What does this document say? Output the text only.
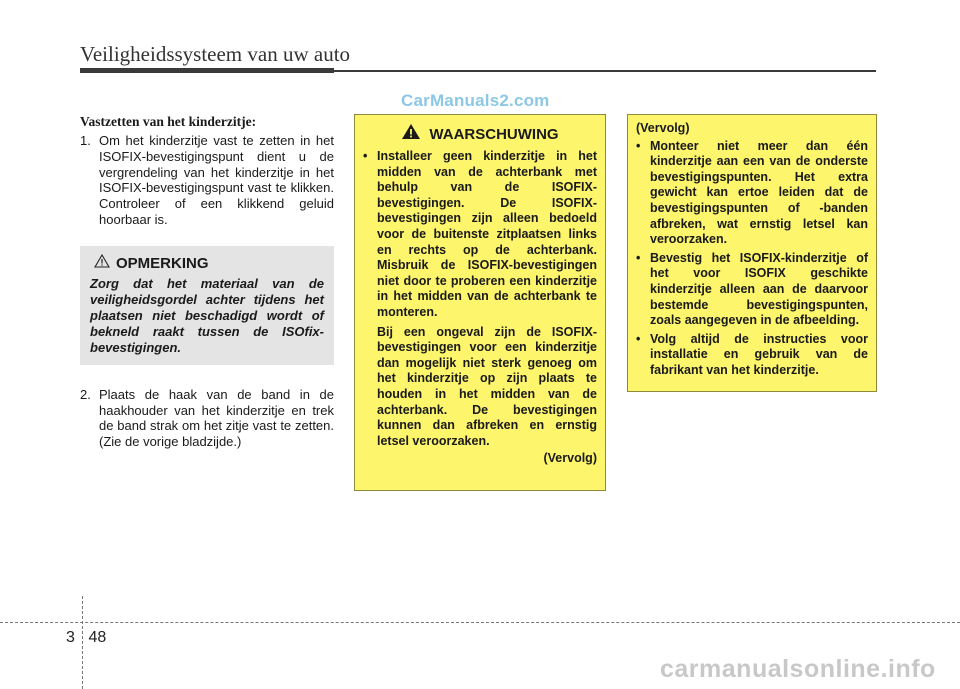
Veiligheidssysteem van uw auto
CarManuals2.com
Vastzetten van het kinderzitje:
1. Om het kinderzitje vast te zetten in het ISOFIX-bevestigingspunt dient u de vergrendeling van het kinderzitje in het ISOFIX-bevestigingspunt vast te klikken. Controleer of een klikkend geluid hoorbaar is.
OPMERKING
Zorg dat het materiaal van de veiligheidsgordel achter tijdens het plaatsen niet beschadigd wordt of bekneld raakt tussen de ISOfix-bevestigingen.
2. Plaats de haak van de band in de haakhouder van het kinderzitje en trek de band strak om het zitje vast te zetten. (Zie de vorige bladzijde.)
WAARSCHUWING
• Installeer geen kinderzitje in het midden van de achterbank met behulp van de ISOFIX-bevestigingen. De ISOFIX-bevestigingen zijn alleen bedoeld voor de buitenste zitplaatsen links en rechts op de achterbank. Misbruik de ISOFIX-bevestigingen niet door te proberen een kinderzitje in het midden van de achterbank te monteren.
Bij een ongeval zijn de ISOFIX-bevestigingen voor een kinderzitje dan mogelijk niet sterk genoeg om het kinderzitje op zijn plaats te houden in het midden van de achterbank. De bevestigingen kunnen dan afbreken en ernstig letsel veroorzaken.
(Vervolg)
(Vervolg)
• Monteer niet meer dan één kinderzitje aan een van de onderste bevestigingspunten. Het extra gewicht kan ertoe leiden dat de bevestigingspunten of -banden afbreken, wat ernstig letsel kan veroorzaken.
• Bevestig het ISOFIX-kinderzitje of het voor ISOFIX geschikte kinderzitje alleen aan de daarvoor bestemde bevestigingspunten, zoals aangegeven in de afbeelding.
• Volg altijd de instructies voor installatie en gebruik van de fabrikant van het kinderzitje.
3 48
carmanualsonline.info
